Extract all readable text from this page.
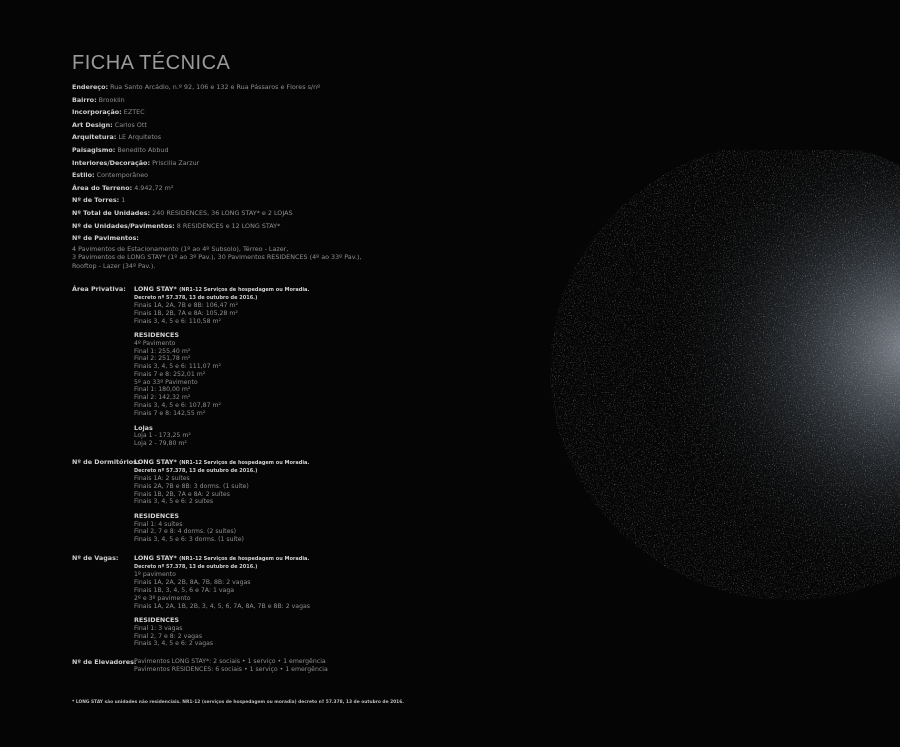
FICHA TÉCNICA
Endereço: Rua Santo Arcádio, n.º 92, 106 e 132 e Rua Pássaros e Flores s/nº
Bairro: Brooklin
Incorporação: EZTEC
Art Design: Carlos Ott
Arquitetura: LE Arquitetos
Paisagismo: Benedito Abbud
Interiores/Decoração: Priscilla Zarzur
Estilo: Contemporâneo
Área do Terreno: 4.942,72 m²
Nº de Torres: 1
Nº Total de Unidades: 240 RESIDENCES, 36 LONG STAY* e 2 LOJAS
Nº de Unidades/Pavimentos: 8 RESIDENCES e 12 LONG STAY*
Nº de Pavimentos:
4 Pavimentos de Estacionamento (1º ao 4º Subsolo), Térreo - Lazer,
3 Pavimentos de LONG STAY* (1º ao 3º Pav.), 30 Pavimentos RESIDENCES (4º ao 33º Pav.),
Rooftop - Lazer (34º Pav.).
Área Privativa:	LONG STAY* (NR1-12 Serviços de hospedagem ou Moradia.
Decreto nº 57.378, 13 de outubro de 2016.)
Finais 1A, 2A, 7B e 8B: 106,47 m²
Finais 1B, 2B, 7A e 8A: 105,28 m²
Finais 3, 4, 5 e 6: 110,58 m²
RESIDENCES
4º Pavimento
Final 1: 255,40 m²
Final 2: 251,78 m²
Finais 3, 4, 5 e 6: 111,07 m²
Finais 7 e 8: 252,01 m²
5º ao 33º Pavimento
Final 1: 180,00 m²
Final 2: 142,32 m²
Finais 3, 4, 5 e 6: 107,87 m²
Finais 7 e 8: 142,55 m²
Lojas
Loja 1 - 173,25 m²
Loja 2 - 79,80 m²
Nº de Dormitórios:
LONG STAY* (NR1-12 Serviços de hospedagem ou Moradia.
Decreto nº 57.378, 13 de outubro de 2016.)
Finais 1A: 2 suítes
Finais 2A, 7B e 8B: 3 dorms. (1 suíte)
Finais 1B, 2B, 7A e 8A: 2 suítes
Finais 3, 4, 5 e 6: 2 suítes
RESIDENCES
Final 1: 4 suítes
Final 2, 7 e 8: 4 dorms. (2 suítes)
Finais 3, 4, 5 e 6: 3 dorms. (1 suíte)
Nº de Vagas:	LONG STAY* (NR1-12 Serviços de hospedagem ou Moradia.
Decreto nº 57.378, 13 de outubro de 2016.)
1º pavimento
Finais 1A, 2A, 2B, 8A, 7B, 8B: 2 vagas
Finais 1B, 3, 4, 5, 6 e 7A: 1 vaga
2º e 3º pavimento
Finais 1A, 2A, 1B, 2B, 3, 4, 5, 6, 7A, 8A, 7B e 8B: 2 vagas
RESIDENCES
Final 1: 3 vagas
Final 2, 7 e 8: 2 vagas
Finais 3, 4, 5 e 6: 2 vagas
Nº de Elevadores:
Pavimentos LONG STAY*: 2 sociais • 1 serviço • 1 emergência
Pavimentos RESIDENCES: 6 sociais • 1 serviço • 1 emergência
* LONG STAY são unidades não residenciais. NR1-12 (serviços de hospedagem ou moradia) decreto nº 57.378, 13 de outubro de 2016.
